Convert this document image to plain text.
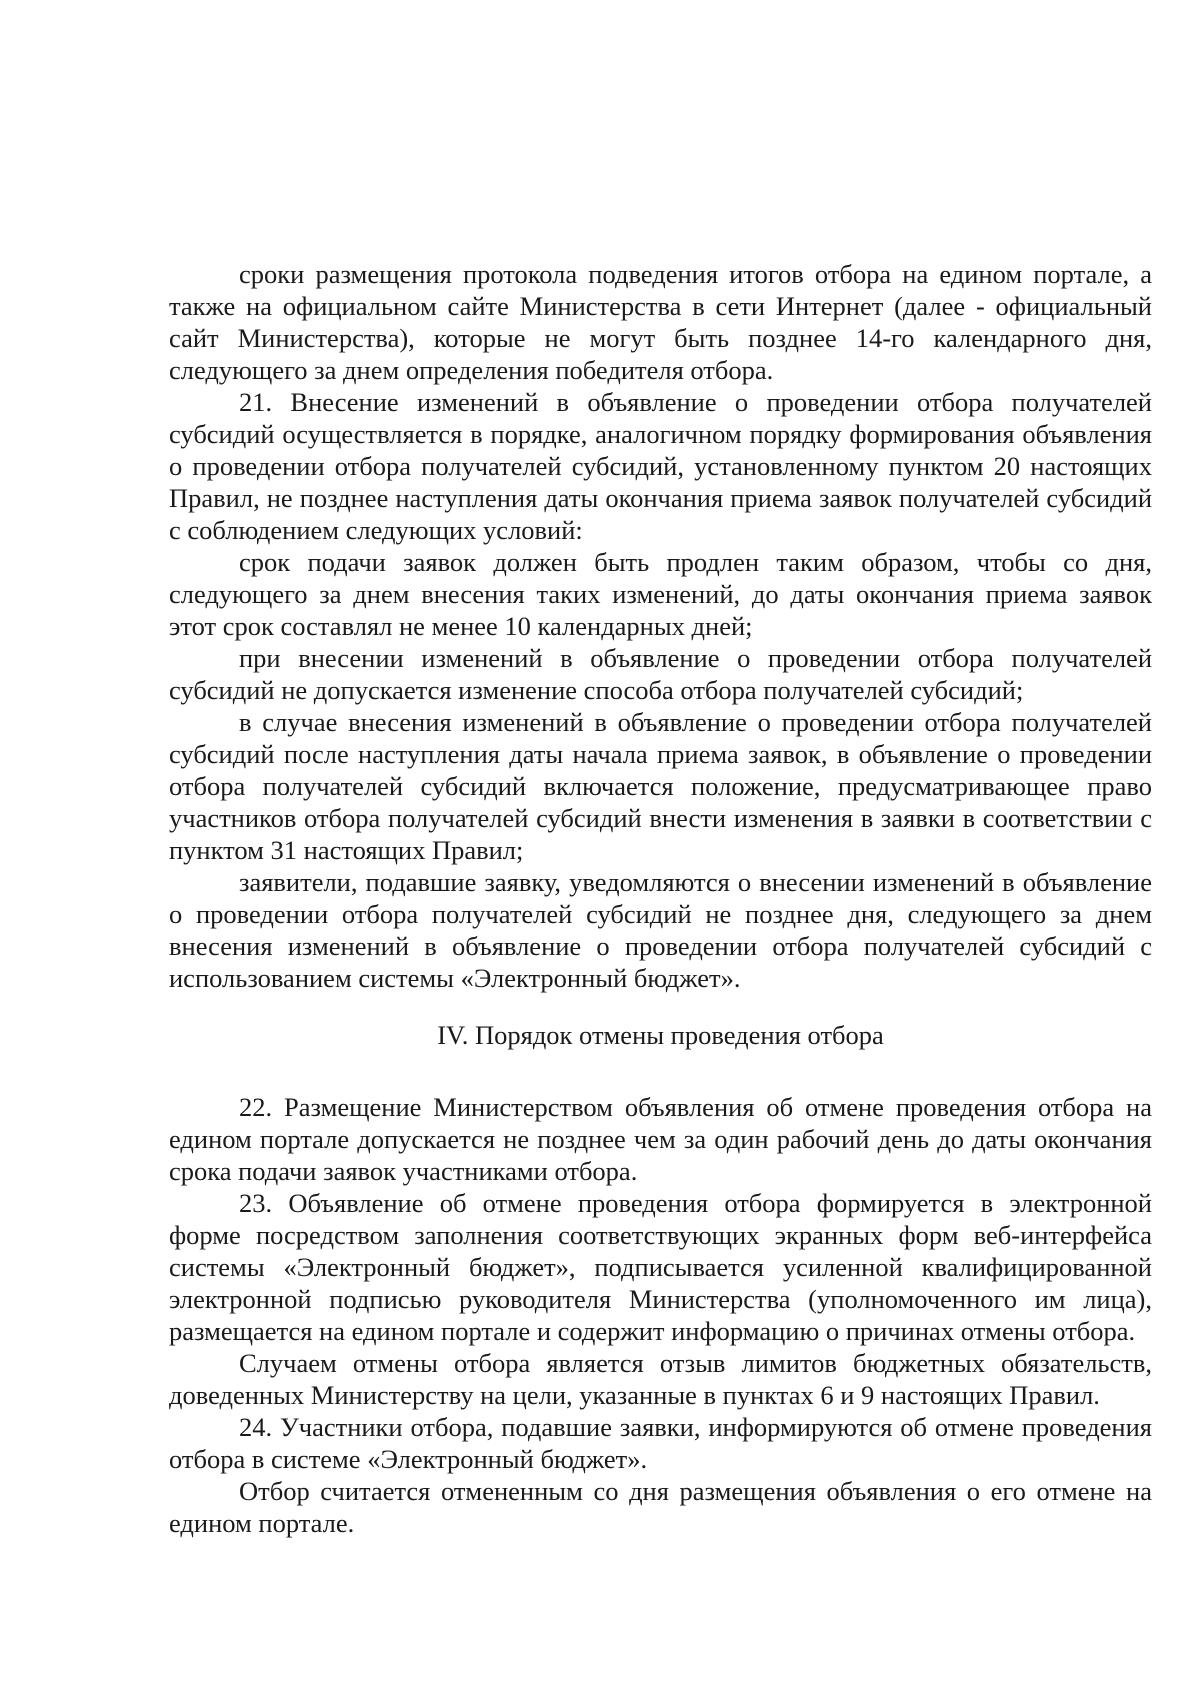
сроки размещения протокола подведения итогов отбора на едином портале, а также на официальном сайте Министерства в сети Интернет (далее - официальный сайт Министерства), которые не могут быть позднее 14-го календарного дня, следующего за днем определения победителя отбора.

21. Внесение изменений в объявление о проведении отбора получателей субсидий осуществляется в порядке, аналогичном порядку формирования объявления о проведении отбора получателей субсидий, установленному пунктом 20 настоящих Правил, не позднее наступления даты окончания приема заявок получателей субсидий с соблюдением следующих условий:

срок подачи заявок должен быть продлен таким образом, чтобы со дня, следующего за днем внесения таких изменений, до даты окончания приема заявок этот срок составлял не менее 10 календарных дней;

при внесении изменений в объявление о проведении отбора получателей субсидий не допускается изменение способа отбора получателей субсидий;

в случае внесения изменений в объявление о проведении отбора получателей субсидий после наступления даты начала приема заявок, в объявление о проведении отбора получателей субсидий включается положение, предусматривающее право участников отбора получателей субсидий внести изменения в заявки в соответствии с пунктом 31 настоящих Правил;

заявители, подавшие заявку, уведомляются о внесении изменений в объявление о проведении отбора получателей субсидий не позднее дня, следующего за днем внесения изменений в объявление о проведении отбора получателей субсидий с использованием системы «Электронный бюджет».

IV. Порядок отмены проведения отбора

22. Размещение Министерством объявления об отмене проведения отбора на едином портале допускается не позднее чем за один рабочий день до даты окончания срока подачи заявок участниками отбора.

23. Объявление об отмене проведения отбора формируется в электронной форме посредством заполнения соответствующих экранных форм веб-интерфейса системы «Электронный бюджет», подписывается усиленной квалифицированной электронной подписью руководителя Министерства (уполномоченного им лица), размещается на едином портале и содержит информацию о причинах отмены отбора.

Случаем отмены отбора является отзыв лимитов бюджетных обязательств, доведенных Министерству на цели, указанные в пунктах 6 и 9 настоящих Правил.

24. Участники отбора, подавшие заявки, информируются об отмене проведения отбора в системе «Электронный бюджет».

Отбор считается отмененным со дня размещения объявления о его отмене на едином портале.
